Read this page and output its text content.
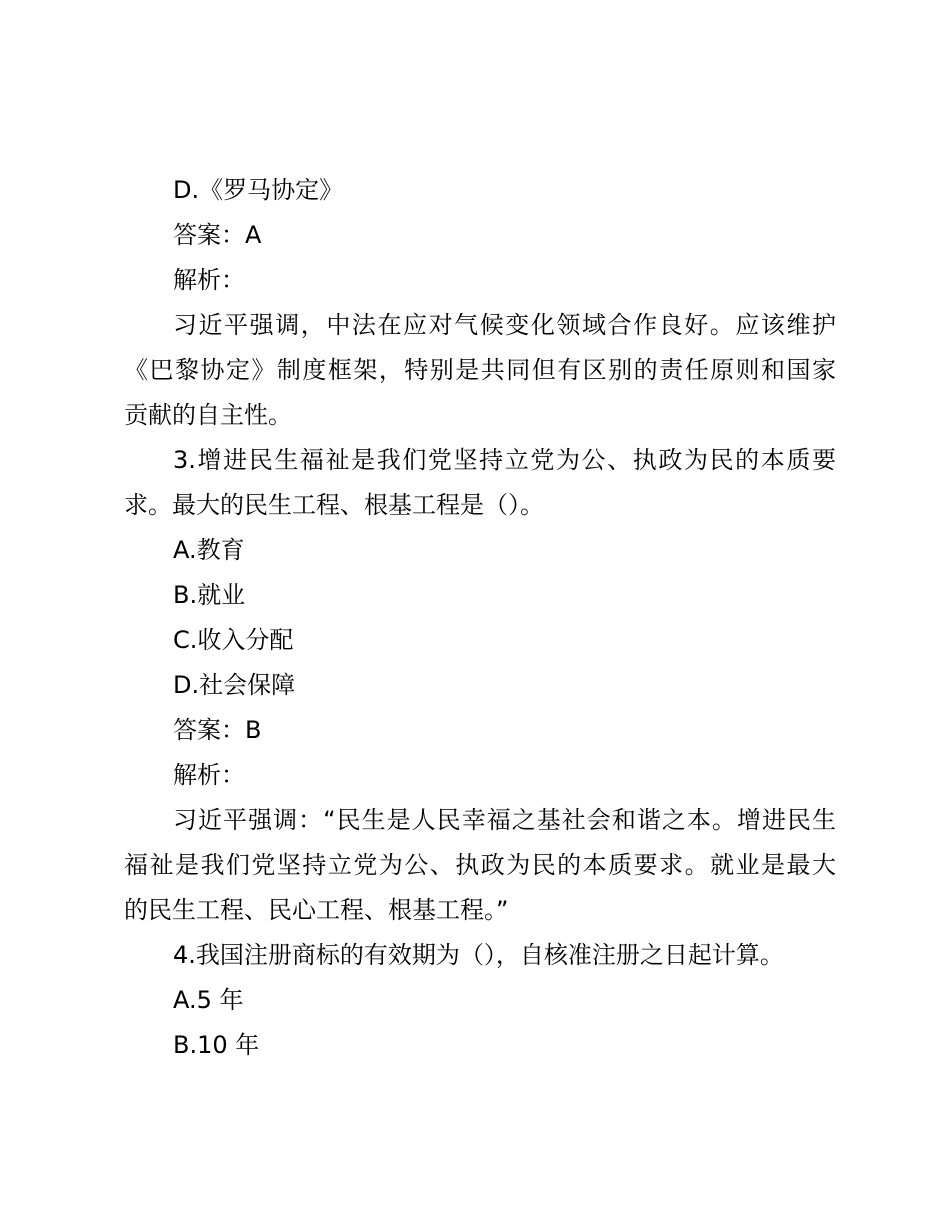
D.《罗马协定》
答案：A
解析：
习近平强调，中法在应对气候变化领域合作良好。应该维护
《巴黎协定》制度框架，特别是共同但有区别的责任原则和国家
贡献的自主性。
3.增进民生福祉是我们党坚持立党为公、执政为民的本质要
求。最大的民生工程、根基工程是（）。
A.教育
B.就业
C.收入分配
D.社会保障
答案：B
解析：
习近平强调：“民生是人民幸福之基社会和谐之本。增进民生
福祉是我们党坚持立党为公、执政为民的本质要求。就业是最大
的民生工程、民心工程、根基工程。”
4.我国注册商标的有效期为（），自核准注册之日起计算。
A.5 年
B.10 年
